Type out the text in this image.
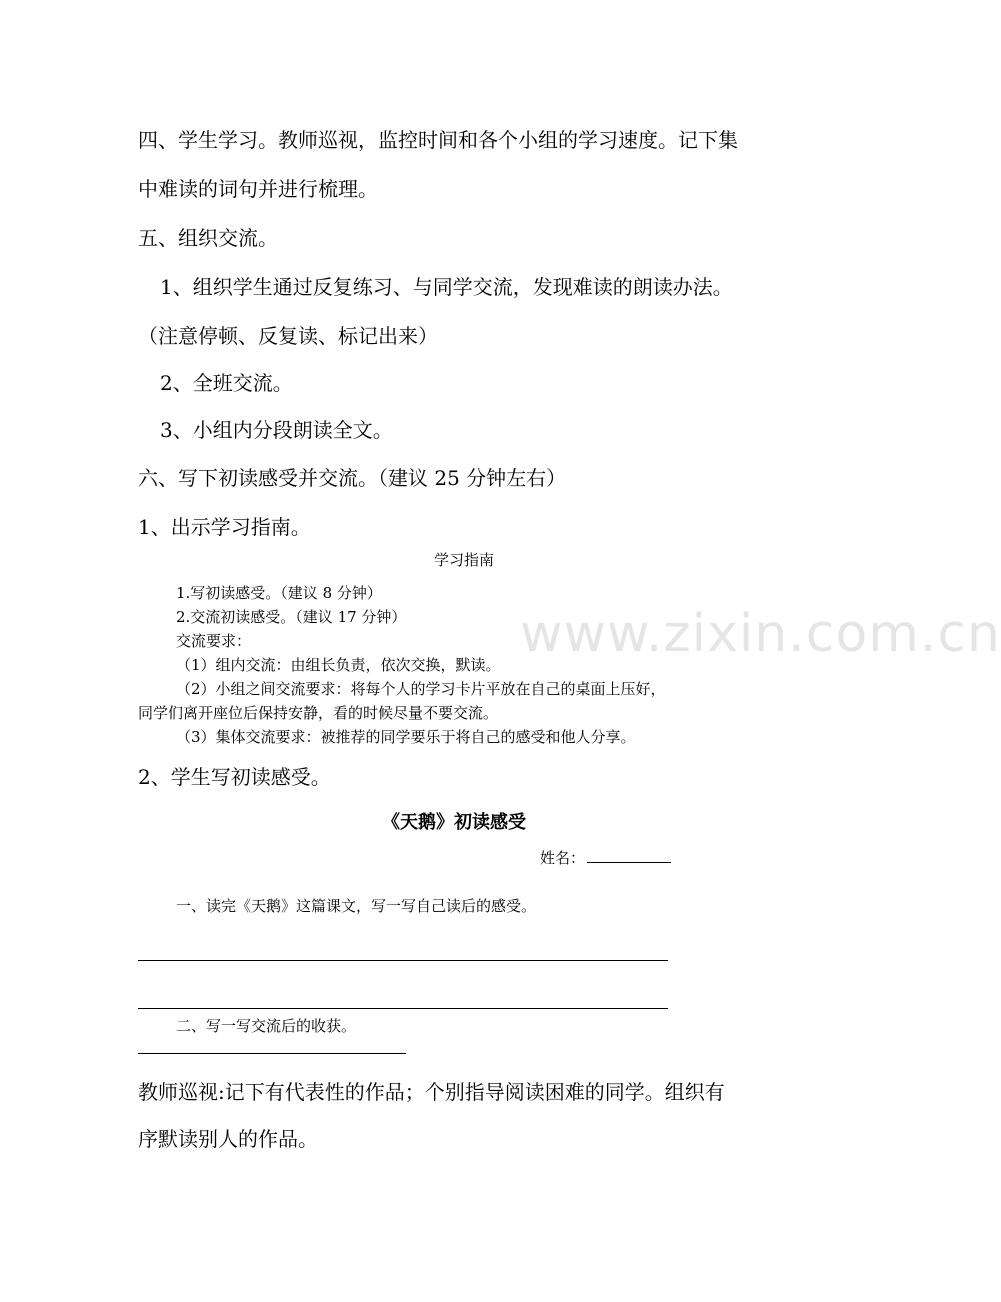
四、学生学习。教师巡视，监控时间和各个小组的学习速度。记下集
中难读的词句并进行梳理。
五、组织交流。
1、组织学生通过反复练习、与同学交流，发现难读的朗读办法。
（注意停顿、反复读、标记出来）
2、全班交流。
3、小组内分段朗读全文。
六、写下初读感受并交流。（建议 25 分钟左右）
1、出示学习指南。
学习指南
1.写初读感受。（建议 8 分钟）
2.交流初读感受。（建议 17 分钟）
交流要求：
（1）组内交流：由组长负责，依次交换，默读。
（2）小组之间交流要求：将每个人的学习卡片平放在自己的桌面上压好，
同学们离开座位后保持安静，看的时候尽量不要交流。
（3）集体交流要求：被推荐的同学要乐于将自己的感受和他人分享。
2、学生写初读感受。
《天鹅》初读感受
姓名：
一、读完《天鹅》这篇课文，写一写自己读后的感受。
二、写一写交流后的收获。
教师巡视:记下有代表性的作品；个别指导阅读困难的同学。组织有
序默读别人的作品。
www.zixin.com.cn
